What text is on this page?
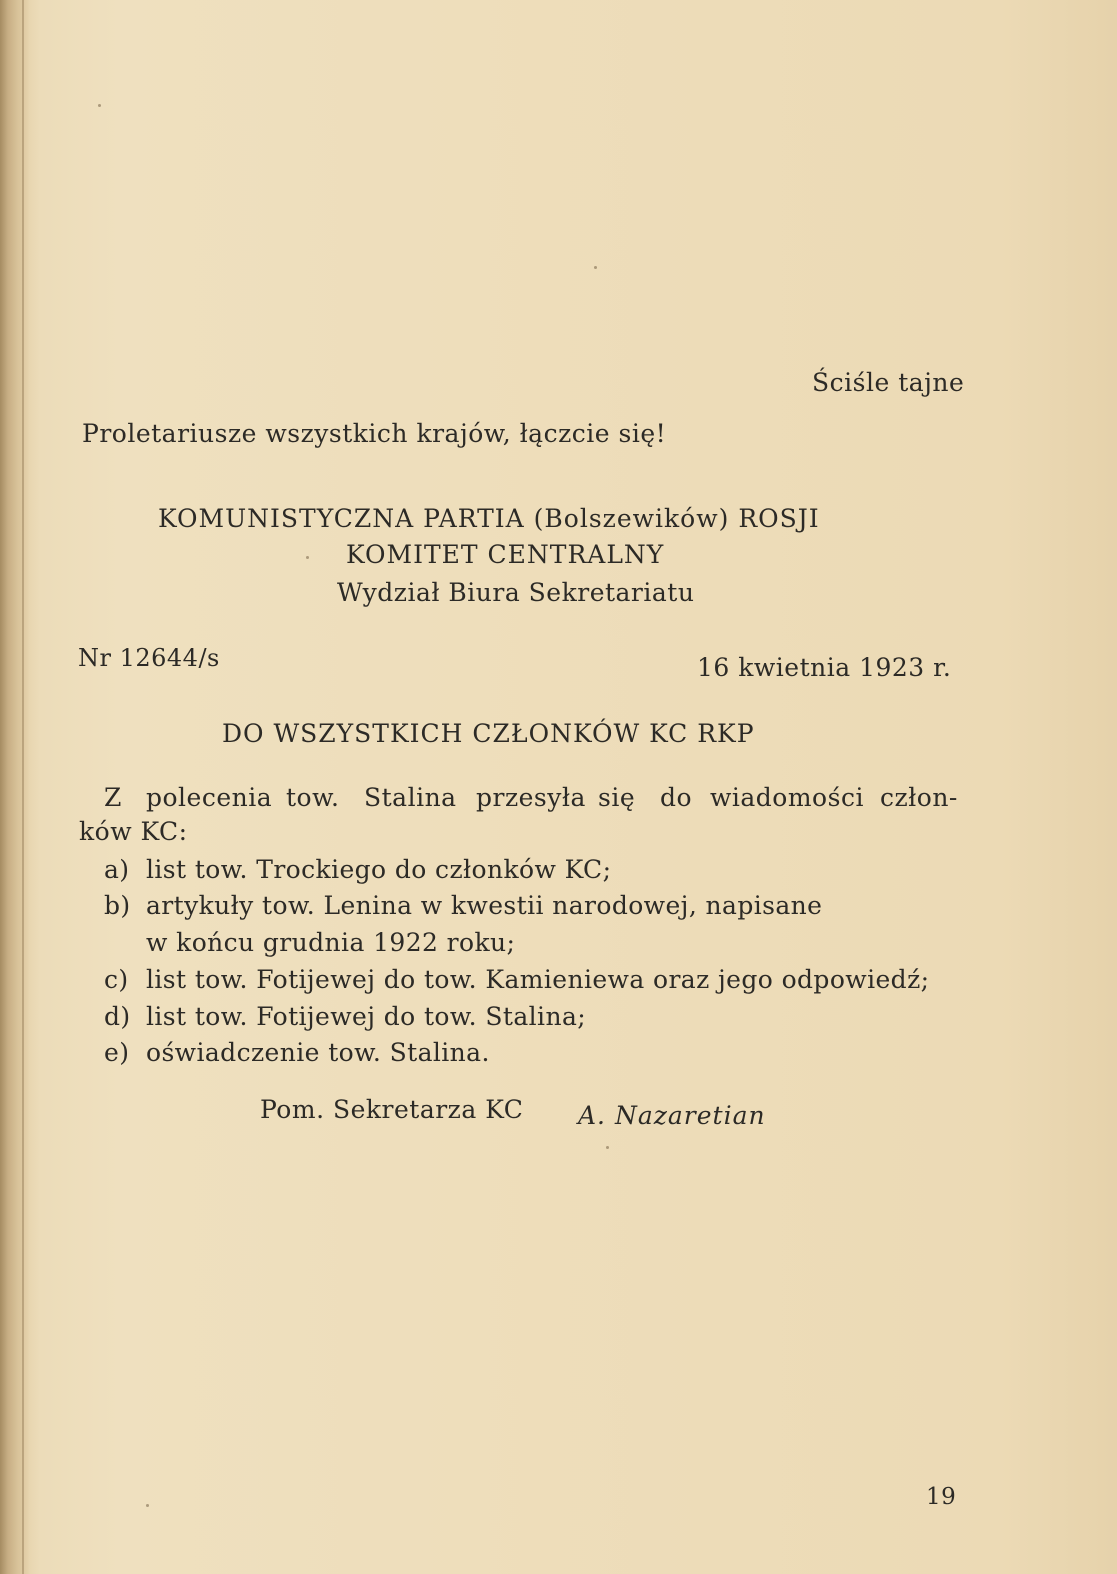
Ściśle tajne
Proletariusze wszystkich krajów, łączcie się!
KOMUNISTYCZNA PARTIA (Bolszewików) ROSJI
KOMITET CENTRALNY
Wydział Biura Sekretariatu
Nr 12644/s	16 kwietnia 1923 r.
DO WSZYSTKICH CZŁONKÓW KC RKP
Z polecenia tow. Stalina przesyła się do wiadomości człon-
ków KC:
a) list tow. Trockiego do członków KC;
b) artykuły tow. Lenina w kwestii narodowej, napisane
w końcu grudnia 1922 roku;
c) list tow. Fotijewej do tow. Kamieniewa oraz jego odpowiedź;
d) list tow. Fotijewej do tow. Stalina;
e) oświadczenie tow. Stalina.
Pom. Sekretarza KC A. Nazaretian
19
